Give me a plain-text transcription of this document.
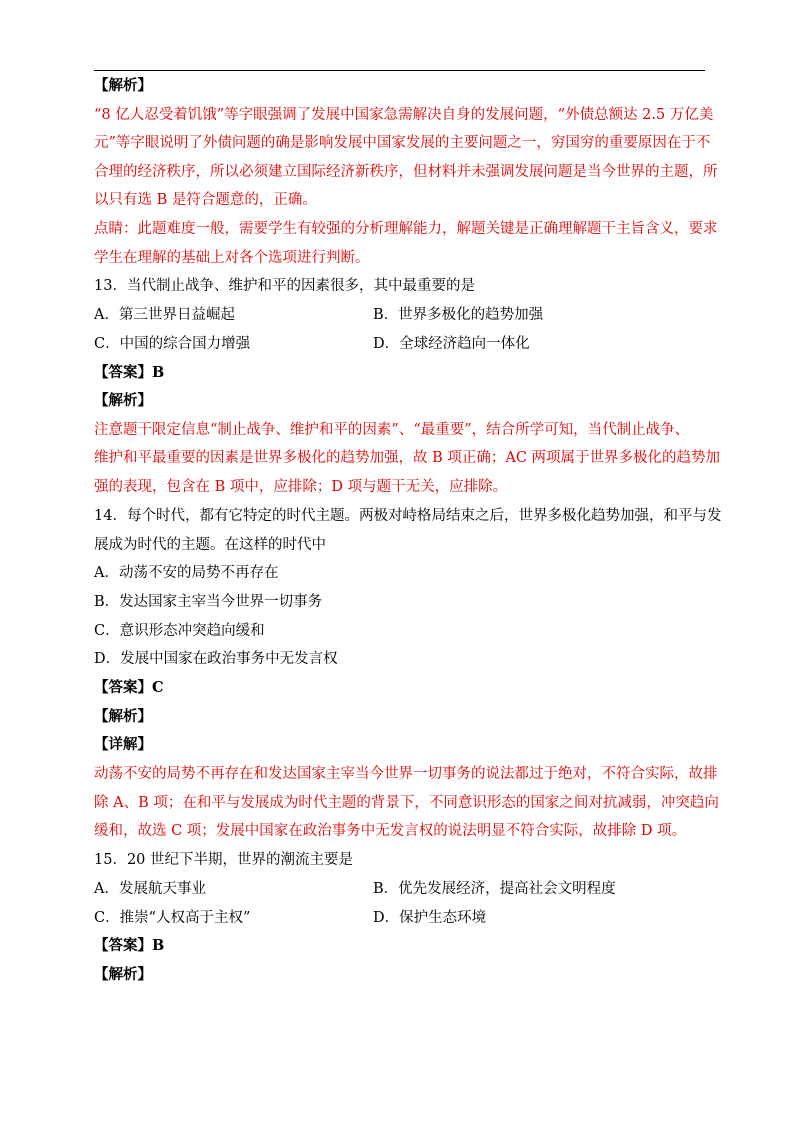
【解析】
“8 亿人忍受着饥饿”等字眼强调了发展中国家急需解决自身的发展问题，“外债总额达 2.5 万亿美
元”等字眼说明了外债问题的确是影响发展中国家发展的主要问题之一，穷国穷的重要原因在于不
合理的经济秩序，所以必须建立国际经济新秩序，但材料并未强调发展问题是当今世界的主题，所
以只有选 B 是符合题意的，正确。
点睛：此题难度一般，需要学生有较强的分析理解能力，解题关键是正确理解题干主旨含义，要求
学生在理解的基础上对各个选项进行判断。
13．当代制止战争、维护和平的因素很多，其中最重要的是
A．第三世界日益崛起	B．世界多极化的趋势加强
C．中国的综合国力增强	D．全球经济趋向一体化
【答案】B
【解析】
注意题干限定信息“制止战争、维护和平的因素”、“最重要”，结合所学可知，当代制止战争、
维护和平最重要的因素是世界多极化的趋势加强，故 B 项正确；AC 两项属于世界多极化的趋势加
强的表现，包含在 B 项中，应排除；D 项与题干无关，应排除。
14．每个时代，都有它特定的时代主题。两极对峙格局结束之后，世界多极化趋势加强，和平与发
展成为时代的主题。在这样的时代中
A．动荡不安的局势不再存在
B．发达国家主宰当今世界一切事务
C．意识形态冲突趋向缓和
D．发展中国家在政治事务中无发言权
【答案】C
【解析】
【详解】
动荡不安的局势不再存在和发达国家主宰当今世界一切事务的说法都过于绝对，不符合实际，故排
除 A、B 项；在和平与发展成为时代主题的背景下，不同意识形态的国家之间对抗减弱，冲突趋向
缓和，故选 C 项；发展中国家在政治事务中无发言权的说法明显不符合实际，故排除 D 项。
15．20 世纪下半期，世界的潮流主要是
A．发展航天事业	B．优先发展经济，提高社会文明程度
C．推崇“人权高于主权”	D．保护生态环境
【答案】B
【解析】
